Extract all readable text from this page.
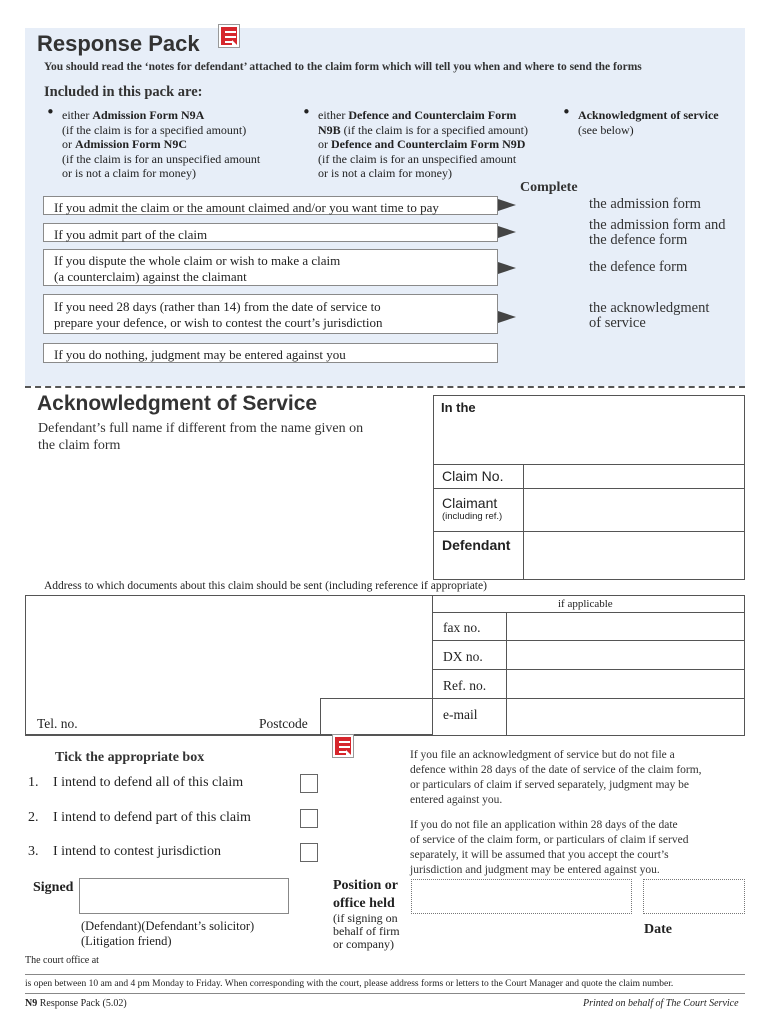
Response Pack
You should read the ‘notes for defendant’ attached to the claim form which will tell you when and where to send the forms
Included in this pack are:
• either Admission Form N9A
(if the claim is for a specified amount)
or Admission Form N9C
(if the claim is for an unspecified amount
or is not a claim for money)
• either Defence and Counterclaim Form
N9B (if the claim is for a specified amount)
or Defence and Counterclaim Form N9D
(if the claim is for an unspecified amount
or is not a claim for money)
• Acknowledgment of service
(see below)
Complete
If you admit the claim or the amount claimed and/or you want time to pay	the admission form
If you admit part of the claim
the admission form and
the defence form
If you dispute the whole claim or wish to make a claim
(a counterclaim) against the claimant
the defence form
If you need 28 days (rather than 14) from the date of service to
prepare your defence, or wish to contest the court’s jurisdiction
the acknowledgment
of service
If you do nothing, judgment may be entered against you
Acknowledgment of Service
Defendant’s full name if different from the name given on
the claim form
In the
Claim No.
Claimant
(including ref.)
Defendant
Address to which documents about this claim should be sent (including reference if appropriate)
if applicable
fax no.
DX no.
Ref. no.
e-mail
Tel. no.	Postcode
Tick the appropriate box
1. I intend to defend all of this claim
2. I intend to defend part of this claim
3. I intend to contest jurisdiction
If you file an acknowledgment of service but do not file a
defence within 28 days of the date of service of the claim form,
or particulars of claim if served separately, judgment may be
entered against you.
If you do not file an application within 28 days of the date
of service of the claim form, or particulars of claim if served
separately, it will be assumed that you accept the court’s
jurisdiction and judgment may be entered against you.
Signed
(Defendant)(Defendant’s solicitor)
(Litigation friend)
Position or
office held
(if signing on
behalf of firm
or company)
Date
The court office at
is open between 10 am and 4 pm Monday to Friday. When corresponding with the court, please address forms or letters to the Court Manager and quote the claim number.
N9 Response Pack (5.02)	Printed on behalf of The Court Service
